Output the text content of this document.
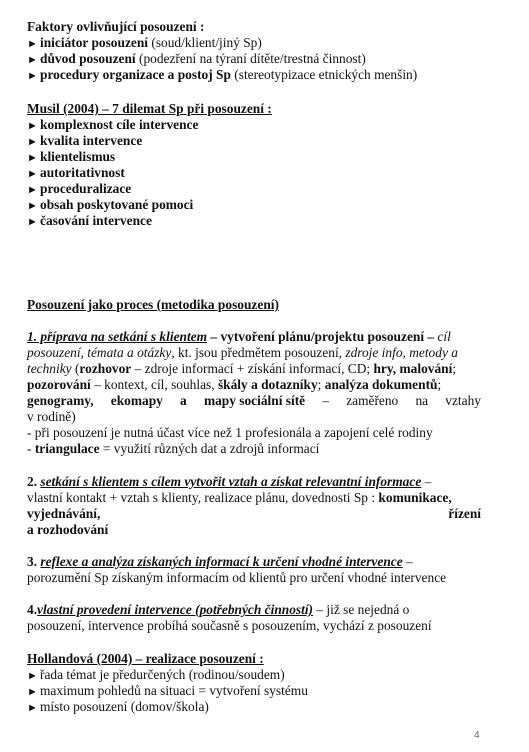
Faktory ovlivňující posouzení :
► iniciátor posouzení (soud/klient/jiný Sp)
► důvod posouzení (podezření na týraní dítěte/trestná činnost)
► procedury organizace a postoj Sp (stereotypizace etnických menšin)
Musil (2004) – 7 dilemat Sp při posouzení :
► komplexnost cíle intervence
► kvalita intervence
► klientelismus
► autoritativnost
► proceduralizace
► obsah poskytované pomoci
► časování intervence
Posouzení jako proces (metodika posouzení)
1. příprava na setkání s klientem – vytvoření plánu/projektu posouzení – cíl
posouzení, témata a otázky, kt. jsou předmětem posouzení, zdroje info, metody a
techniky (rozhovor – zdroje informací + získání informací, CD; hry, malování;
pozorování – kontext, cíl, souhlas, škály a dotazníky; analýza dokumentů;
genogramy, ekomapy a mapy sociální sítě – zaměřeno na vztahy
v rodině)
- při posouzení je nutná účast více než 1 profesionála a zapojení celé rodiny
- triangulace = využití různých dat a zdrojů informací
2. setkání s klientem s cílem vytvořit vztah a získat relevantní informace –
vlastní kontakt + vztah s klienty, realizace plánu, dovednosti Sp : komunikace,
vyjednávání,	řízení
a rozhodování
3. reflexe a analýza získaných informací k určení vhodné intervence –
porozumění Sp získaným informacím od klientů pro určení vhodné intervence
4.vlastní provedení intervence (potřebných činností) – již se nejedná o
posouzení, intervence probíhá současně s posouzením, vychází z posouzení
Hollandová (2004) – realizace posouzení :
► řada témat je předurčených (rodinou/soudem)
► maximum pohledů na situaci = vytvoření systému
► místo posouzení (domov/škola)
4
